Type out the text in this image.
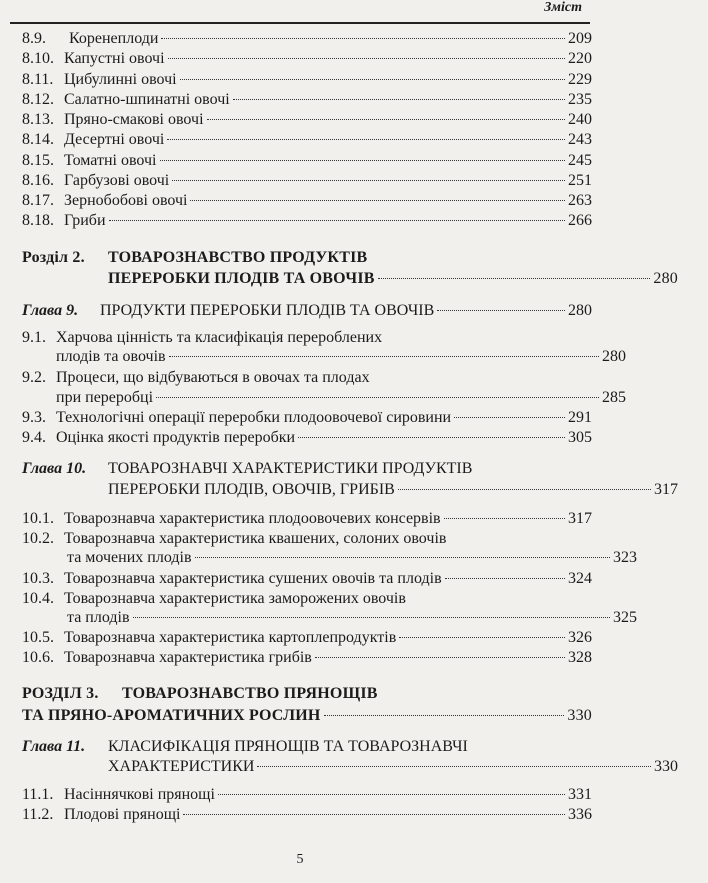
Зміст
8.9.	Коренеплоди	209
8.10. Капустні овочі	220
8.11. Цибулинні овочі	229
8.12. Салатно-шпинатні овочі	235
8.13. Пряно-смакові овочі	240
8.14. Десертні овочі	243
8.15. Томатні овочі	245
8.16. Гарбузові овочі	251
8.17. Зернобобові овочі	263
8.18. Гриби	266
Розділ 2.	ТОВАРОЗНАВСТВО ПРОДУКТІВ
ПЕРЕРОБКИ ПЛОДІВ ТА ОВОЧІВ	280
Глава 9.	ПРОДУКТИ ПЕРЕРОБКИ ПЛОДІВ ТА ОВОЧІВ	280
9.1. Харчова цінність та класифікація перероблених
плодів та овочів	280
9.2. Процеси, що відбуваються в овочах та плодах
при переробці	285
9.3. Технологічні операції переробки плодоовочевої сировини	291
9.4. Оцінка якості продуктів переробки	305
Глава 10.	ТОВАРОЗНАВЧІ ХАРАКТЕРИСТИКИ ПРОДУКТІВ
ПЕРЕРОБКИ ПЛОДІВ, ОВОЧІВ, ГРИБІВ	317
10.1. Товарознавча характеристика плодоовочевих консервів	317
10.2. Товарознавча характеристика квашених, солоних овочів
та мочених плодів	323
10.3. Товарознавча характеристика сушених овочів та плодів	324
10.4. Товарознавча характеристика заморожених овочів
та плодів	325
10.5. Товарознавча характеристика картоплепродуктів	326
10.6. Товарознавча характеристика грибів	328
РОЗДІЛ 3.	ТОВАРОЗНАВСТВО ПРЯНОЩІВ
ТА ПРЯНО-АРОМАТИЧНИХ РОСЛИН	330
Глава 11.	КЛАСИФІКАЦІЯ ПРЯНОЩІВ ТА ТОВАРОЗНАВЧІ
ХАРАКТЕРИСТИКИ	330
11.1. Насіннячкові прянощі	331
11.2. Плодові прянощі	336
5
